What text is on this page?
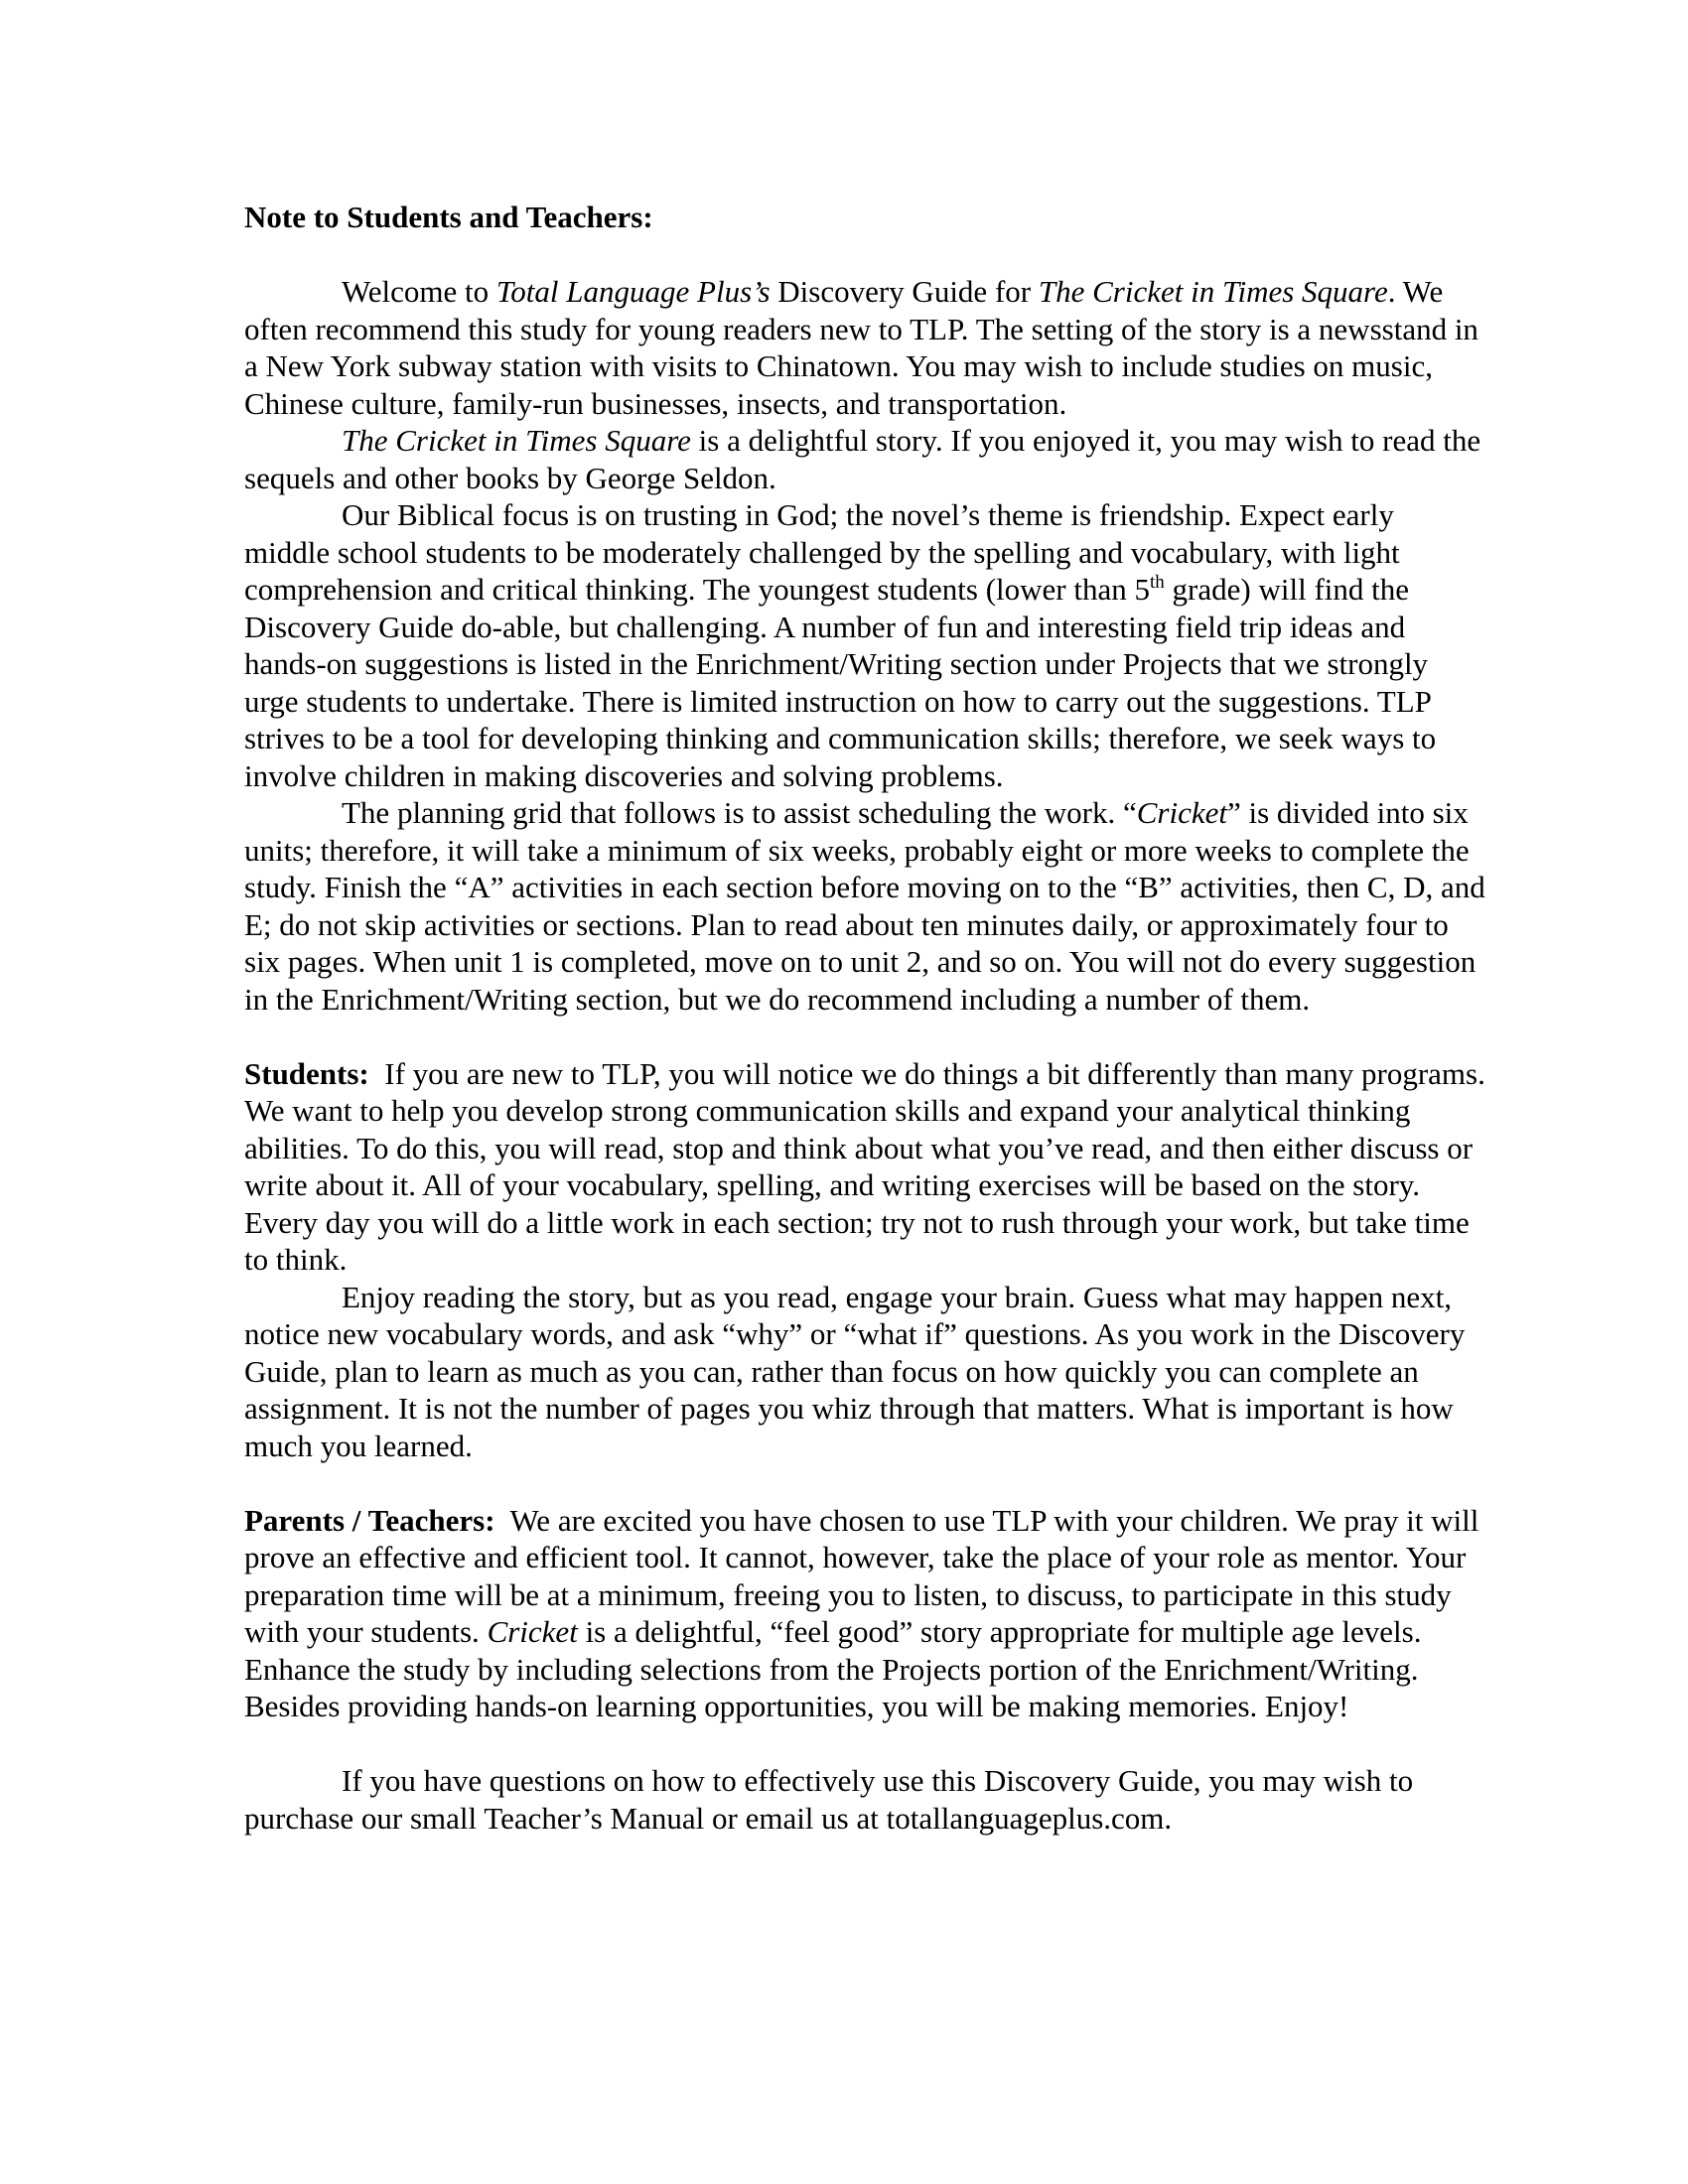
Note to Students and Teachers:

Welcome to Total Language Plus’s Discovery Guide for The Cricket in Times Square. We often recommend this study for young readers new to TLP. The setting of the story is a newsstand in a New York subway station with visits to Chinatown. You may wish to include studies on music, Chinese culture, family-run businesses, insects, and transportation.

The Cricket in Times Square is a delightful story. If you enjoyed it, you may wish to read the sequels and other books by George Seldon.

Our Biblical focus is on trusting in God; the novel’s theme is friendship. Expect early middle school students to be moderately challenged by the spelling and vocabulary, with light comprehension and critical thinking. The youngest students (lower than 5th grade) will find the Discovery Guide do-able, but challenging. A number of fun and interesting field trip ideas and hands-on suggestions is listed in the Enrichment/Writing section under Projects that we strongly urge students to undertake. There is limited instruction on how to carry out the suggestions. TLP strives to be a tool for developing thinking and communication skills; therefore, we seek ways to involve children in making discoveries and solving problems.

The planning grid that follows is to assist scheduling the work. “Cricket” is divided into six units; therefore, it will take a minimum of six weeks, probably eight or more weeks to complete the study. Finish the “A” activities in each section before moving on to the “B” activities, then C, D, and E; do not skip activities or sections. Plan to read about ten minutes daily, or approximately four to six pages. When unit 1 is completed, move on to unit 2, and so on. You will not do every suggestion in the Enrichment/Writing section, but we do recommend including a number of them.

Students: If you are new to TLP, you will notice we do things a bit differently than many programs. We want to help you develop strong communication skills and expand your analytical thinking abilities. To do this, you will read, stop and think about what you’ve read, and then either discuss or write about it. All of your vocabulary, spelling, and writing exercises will be based on the story. Every day you will do a little work in each section; try not to rush through your work, but take time to think.

Enjoy reading the story, but as you read, engage your brain. Guess what may happen next, notice new vocabulary words, and ask “why” or “what if” questions. As you work in the Discovery Guide, plan to learn as much as you can, rather than focus on how quickly you can complete an assignment. It is not the number of pages you whiz through that matters. What is important is how much you learned.

Parents / Teachers: We are excited you have chosen to use TLP with your children. We pray it will prove an effective and efficient tool. It cannot, however, take the place of your role as mentor. Your preparation time will be at a minimum, freeing you to listen, to discuss, to participate in this study with your students. Cricket is a delightful, “feel good” story appropriate for multiple age levels. Enhance the study by including selections from the Projects portion of the Enrichment/Writing. Besides providing hands-on learning opportunities, you will be making memories. Enjoy!

If you have questions on how to effectively use this Discovery Guide, you may wish to purchase our small Teacher’s Manual or email us at totallanguageplus.com.
